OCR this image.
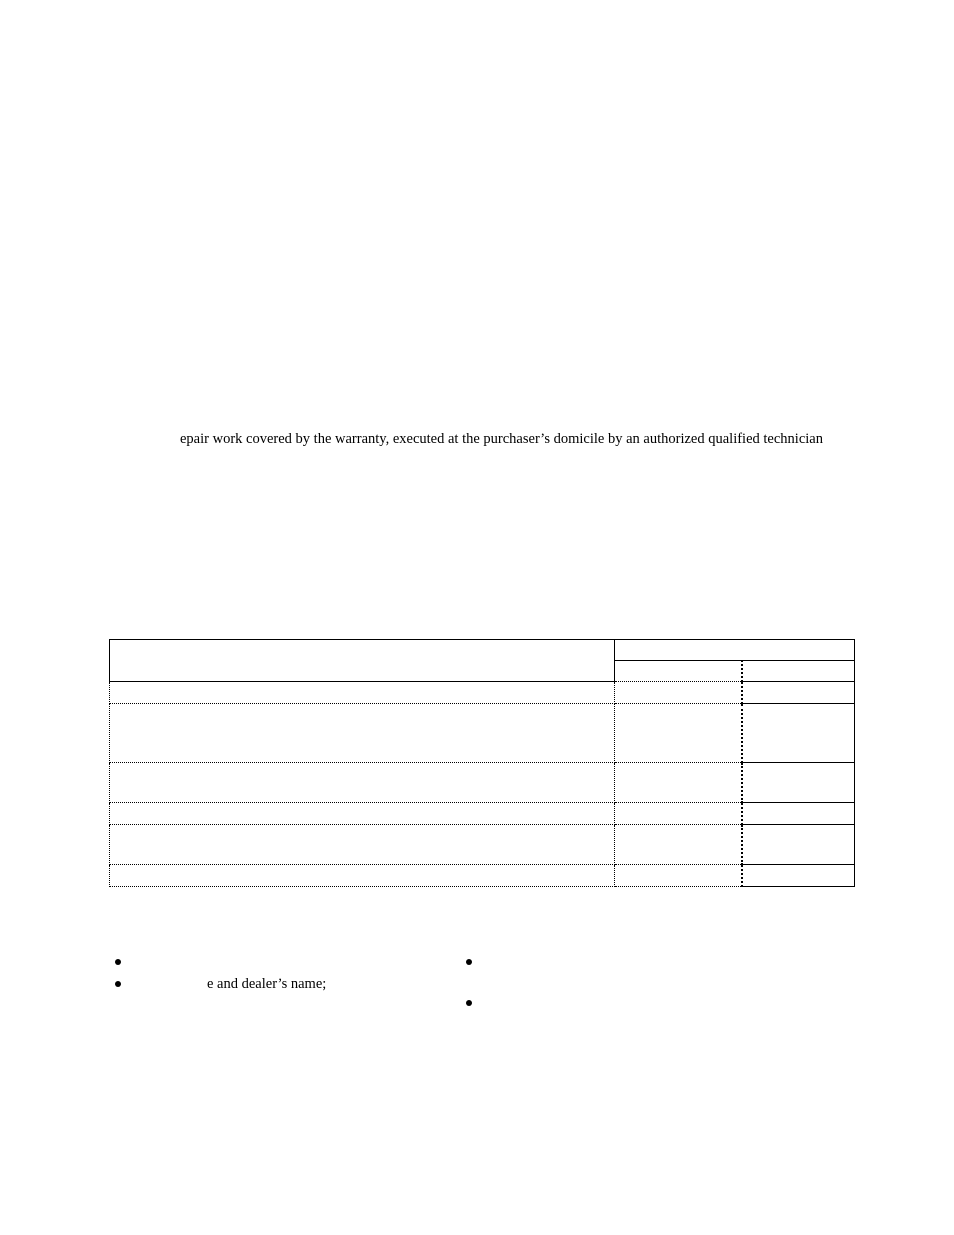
epair work covered by the warranty, executed at the purchaser’s domicile by an authorized qualified technician

e and dealer’s name;
